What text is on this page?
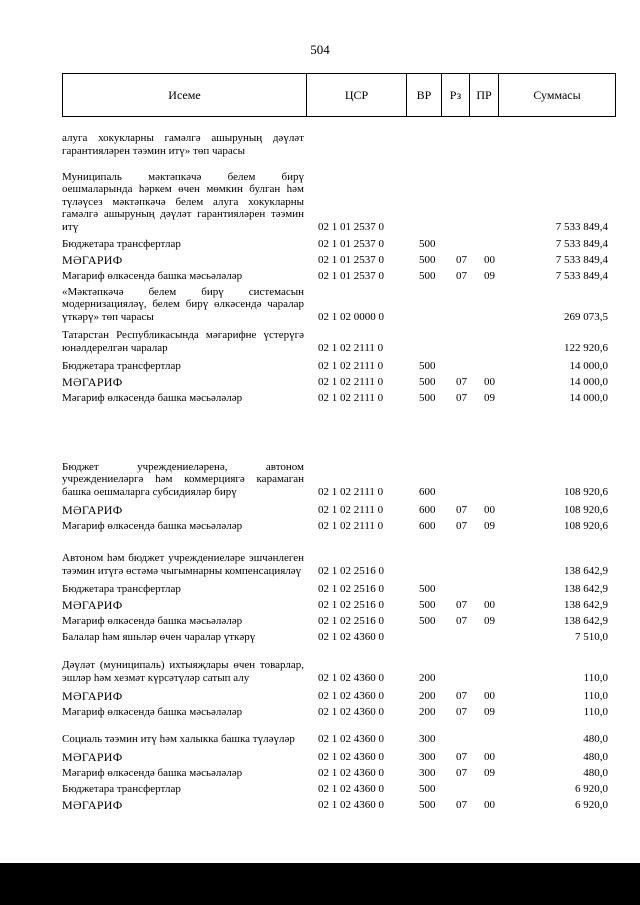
504
Исеме	ЦСР	ВР	Рз	ПР	Суммасы
алуга хокукларны гамәлгә ашыруның дәүләт гарантияләрен тәэмин итү» төп чарасы
Муниципаль мәктәпкәчә белем бирү оешмаларында һәркем өчен мөмкин булган һәм түләүсез мәктәпкәчә белем алуга хокукларны гамәлгә ашыруның дәүләт гарантияләрен тәэмин итү	02 1 01 2537 0	7 533 849,4
Бюджетара трансфертлар	02 1 01 2537 0	500	7 533 849,4
МӘГАРИФ	02 1 01 2537 0	500 07 00	7 533 849,4
Мәгариф өлкәсендә башка мәсьәләләр	02 1 01 2537 0	500 07 09	7 533 849,4
«Мәктәпкәчә белем бирү системасын модернизацияләү, белем бирү өлкәсендә чаралар үткәрү» төп чарасы	02 1 02 0000 0	269 073,5
Татарстан Республикасында мәгарифне үстерүгә юнәлдерелгән чаралар	02 1 02 2111 0	122 920,6
Бюджетара трансфертлар	02 1 02 2111 0	500	14 000,0
МӘГАРИФ	02 1 02 2111 0	500 07 00	14 000,0
Мәгариф өлкәсендә башка мәсьәләләр	02 1 02 2111 0	500 07 09	14 000,0
Бюджет учреждениеләренә, автоном учреждениеләргә һәм коммерциягә карамаган башка оешмаларга субсидияләр бирү	02 1 02 2111 0	600	108 920,6
МӘГАРИФ	02 1 02 2111 0	600 07 00	108 920,6
Мәгариф өлкәсендә башка мәсьәләләр	02 1 02 2111 0	600 07 09	108 920,6
Автоном һәм бюджет учреждениеләре эшчәнлеген тәэмин итүгә өстәмә чыгымнарны компенсацияләү 02 1 02 2516 0	138 642,9
Бюджетара трансфертлар	02 1 02 2516 0	500	138 642,9
МӘГАРИФ	02 1 02 2516 0	500 07 00	138 642,9
Мәгариф өлкәсендә башка мәсьәләләр	02 1 02 2516 0	500 07 09	138 642,9
Балалар һәм яшьләр өчен чаралар үткәрү	02 1 02 4360 0	7 510,0
Дәүләт (муниципаль) ихтыяҗлары өчен товарлар, эшләр һәм хезмәт күрсәтүләр сатып алу	02 1 02 4360 0	200	110,0
МӘГАРИФ	02 1 02 4360 0	200 07 00	110,0
Мәгариф өлкәсендә башка мәсьәләләр	02 1 02 4360 0	200 07 09	110,0
Социаль тәэмин итү һәм халыкка башка түләүләр	02 1 02 4360 0	300	480,0
МӘГАРИФ	02 1 02 4360 0	300 07 00	480,0
Мәгариф өлкәсендә башка мәсьәләләр	02 1 02 4360 0	300 07 09	480,0
Бюджетара трансфертлар	02 1 02 4360 0	500	6 920,0
МӘГАРИФ	02 1 02 4360 0	500 07 00	6 920,0
